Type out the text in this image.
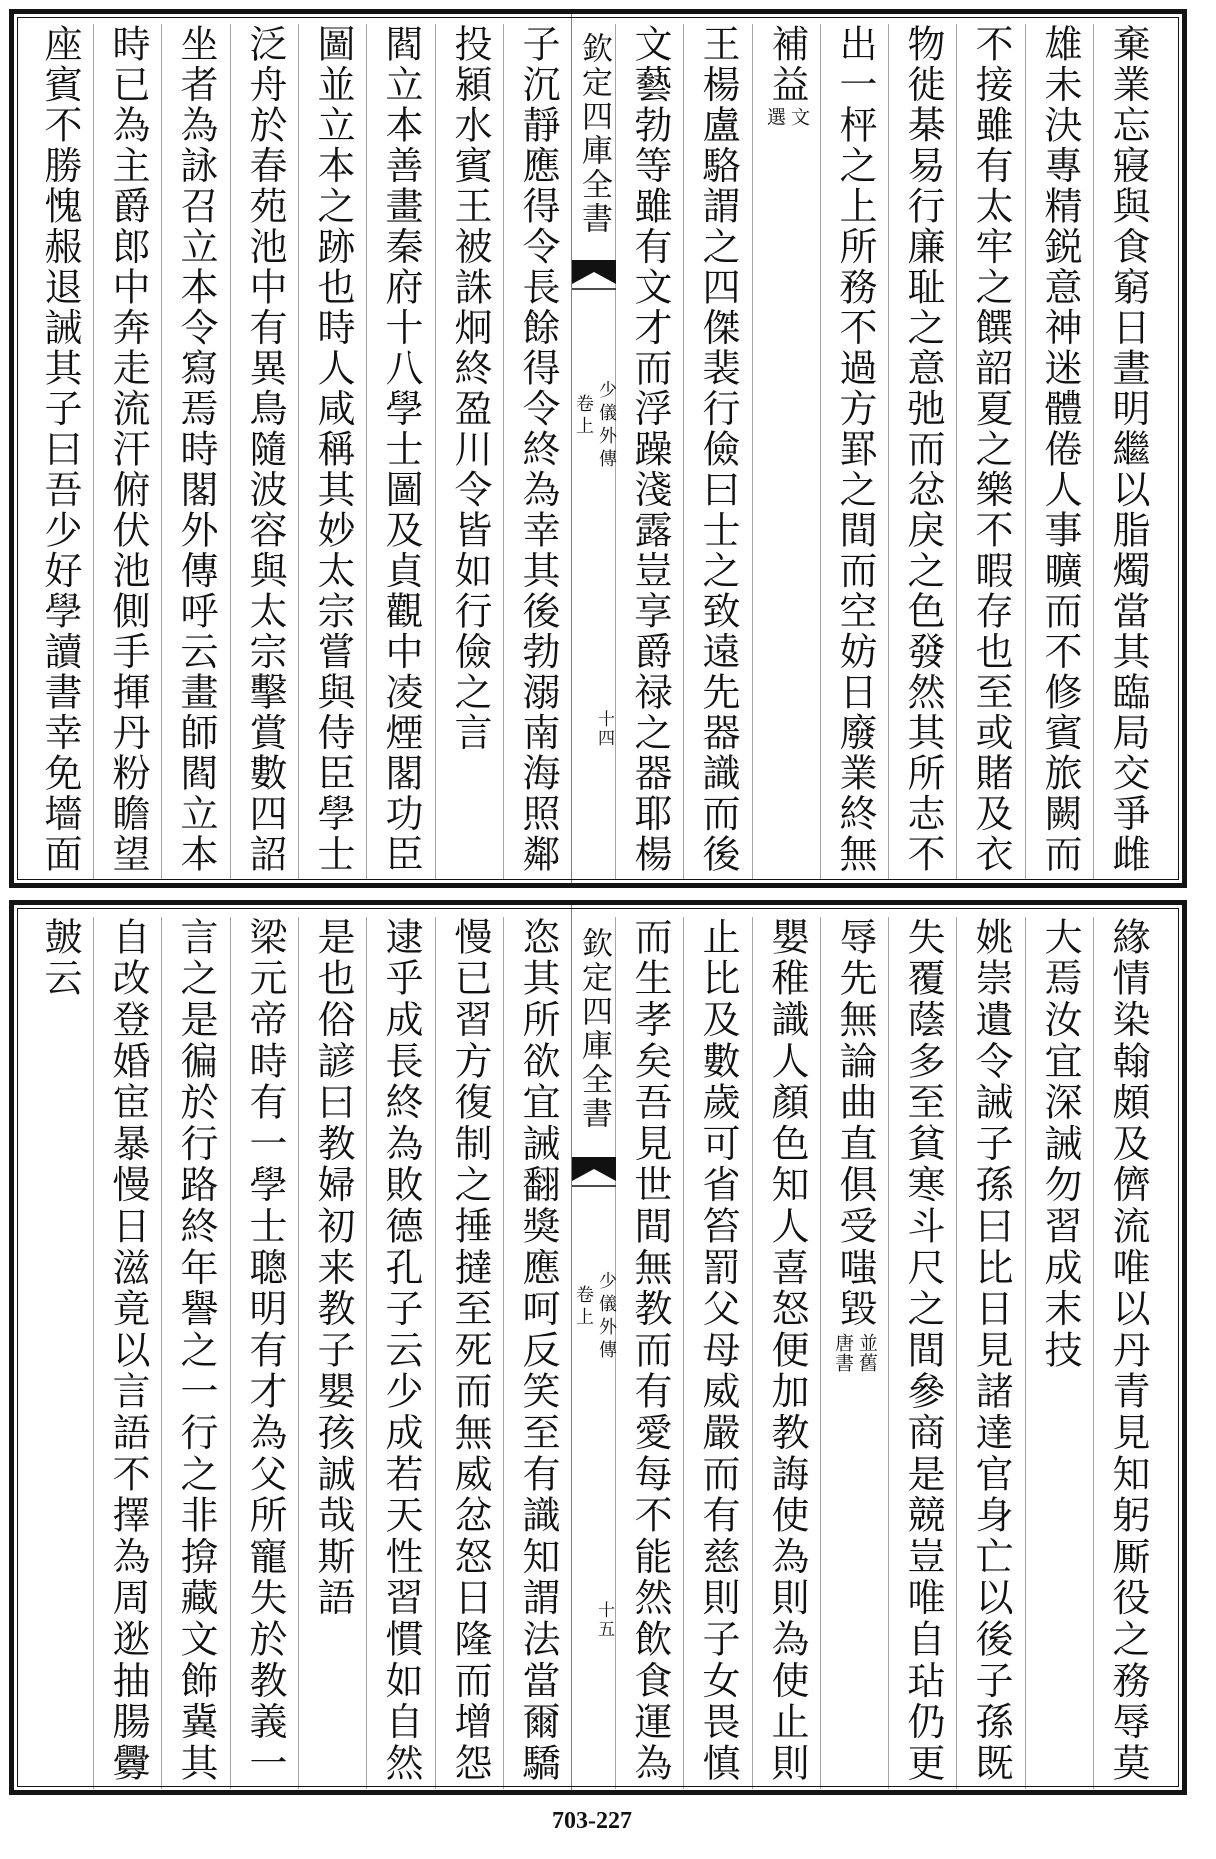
棄業忘寢與食窮日晝明繼以脂燭當其臨局交爭雌
雄未決專精鋭意神迷體倦人事曠而不修賓旅闕而
不接雖有太牢之饌韶夏之樂不暇存也至或賭及衣
物徙棊易行廉耻之意弛而忿戾之色發然其所志不
出一枰之上所務不過方罫之間而空妨日廢業終無
補益
文選
王楊盧駱謂之四傑裴行儉曰士之致遠先器識而後
文藝勃等雖有文才而浮躁淺露豈享爵禄之器耶楊
欽定四庫全書
少儀外傳
卷上
十四
子沉靜應得令長餘得令終為幸其後勃溺南海照鄰
投潁水賓王被誅炯終盈川令皆如行儉之言
閻立本善畫秦府十八學士圖及貞觀中凌煙閣功臣
圖並立本之跡也時人咸稱其妙太宗嘗與侍臣學士
泛舟於春苑池中有異鳥隨波容與太宗擊賞數四詔
坐者為詠召立本令寫焉時閣外傳呼云畫師閻立本
時已為主爵郎中奔走流汗俯伏池側手揮丹粉瞻望
座賓不勝愧赧退誡其子曰吾少好學讀書幸免墻面
緣情染翰頗及儕流唯以丹青見知躬厮役之務辱莫
大焉汝宜深誡勿習成末技
姚崇遺令誡子孫曰比日見諸達官身亡以後子孫既
失覆蔭多至貧寒斗尺之間參商是競豈唯自玷仍更
辱先無論曲直俱受嗤毀
並舊唐書
嬰稚識人顏色知人喜怒便加教誨使為則為使止則
止比及數歲可省笞罰父母威嚴而有慈則子女畏慎
而生孝矣吾見世間無教而有愛每不能然飲食運為
欽定四庫全書
少儀外傳
卷上
十五
恣其所欲宜誡翻獎應呵反笑至有識知謂法當爾驕
慢已習方復制之捶撻至死而無威忿怒日隆而增怨
逮乎成長終為敗德孔子云少成若天性習慣如自然
是也俗諺曰教婦初来教子嬰孩誠哉斯語
梁元帝時有一學士聰明有才為父所寵失於教義一
言之是徧於行路終年譽之一行之非揜藏文飾冀其
自改登婚宦暴慢日滋竟以言語不擇為周逖抽腸釁
皷云
703-227
